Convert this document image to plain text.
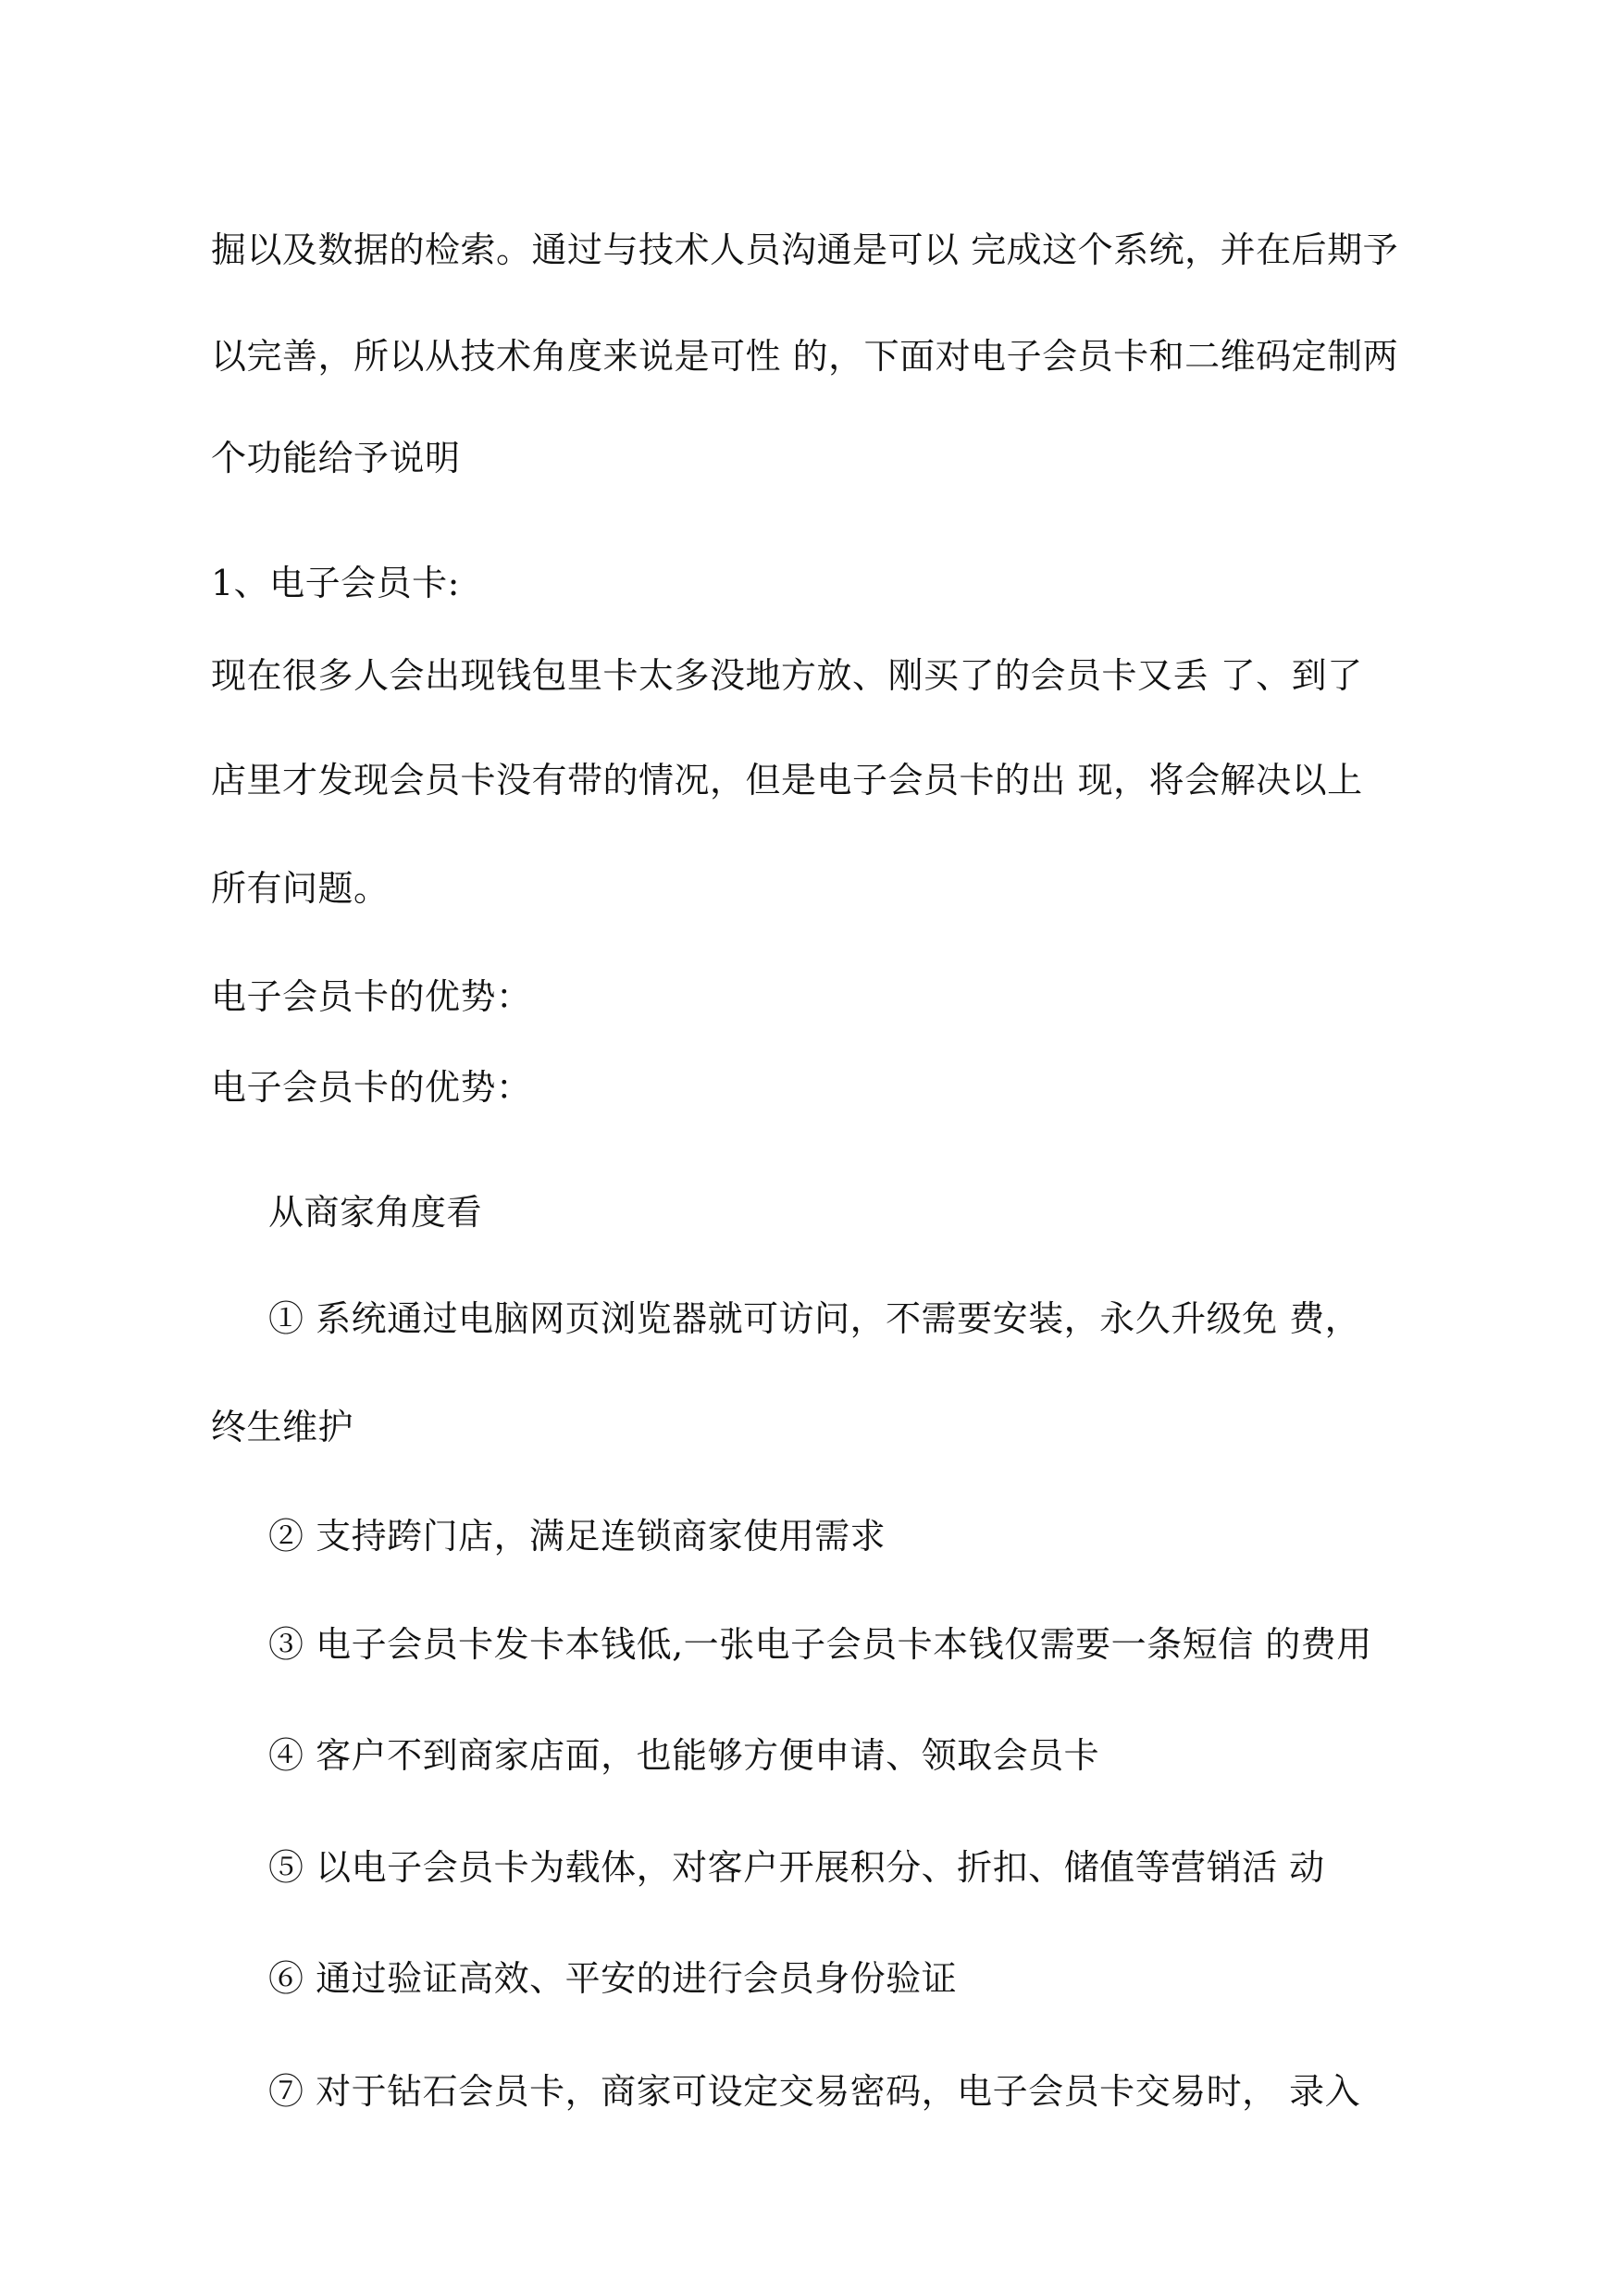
掘以及数据的检索。通过与技术人员沟通是可以 完成这个系统，并在后期予
以完善，所以从技术角度来说是可性 的，下面对电子会员卡和二维码定制两
个功能给予说明
1、电子会员卡:
现在很多人会出现钱包里卡太多没地方放、刚买了的会员卡又丢 了、到了
店里才发现会员卡没有带的情况，但是电子会员卡的出 现，将会解决以上
所有问题。
电子会员卡的优势：
电子会员卡的优势：
从商家角度看
① 系统通过电脑网页浏览器就可访问，不需要安装，永久升级免 费，
终生维护
② 支持跨门店，满足连锁商家使用需求
③ 电子会员卡发卡本钱低,一张电子会员卡本钱仅需要一条短信 的费用
④ 客户不到商家店面，也能够方便申请、领取会员卡
⑤ 以电子会员卡为载体，对客户开展积分、折扣、储值等营销活 动
⑥ 通过验证高效、平安的进行会员身份验证
⑦ 对于钻石会员卡，商家可设定交易密码，电子会员卡交易时， 录入
